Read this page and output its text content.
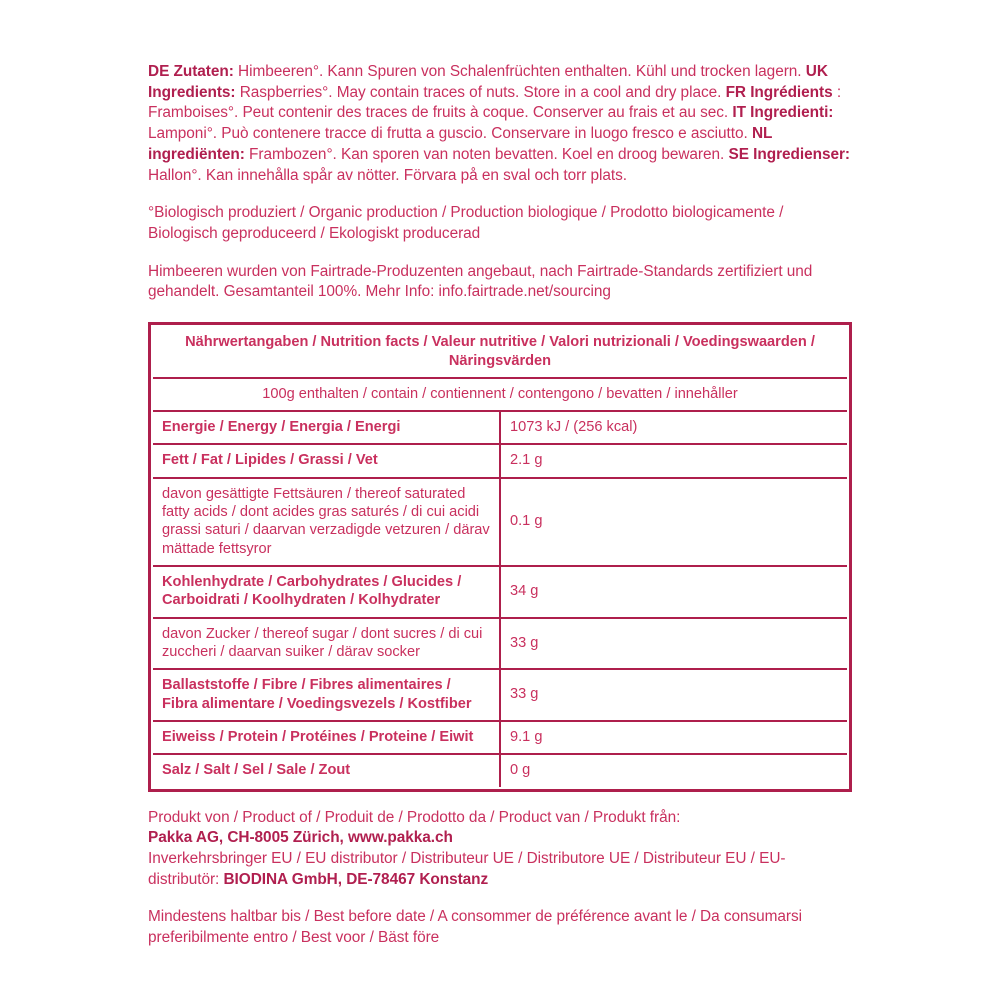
DE Zutaten: Himbeeren°. Kann Spuren von Schalenfrüchten enthalten. Kühl und trocken lagern. UK Ingredients: Raspberries°. May contain traces of nuts. Store in a cool and dry place. FR Ingrédients : Framboises°. Peut contenir des traces de fruits à coque. Conserver au frais et au sec. IT Ingredienti: Lamponi°. Può contenere tracce di frutta a guscio. Conservare in luogo fresco e asciutto. NL ingrediënten: Frambozen°. Kan sporen van noten bevatten. Koel en droog bewaren. SE Ingredienser: Hallon°. Kan innehålla spår av nötter. Förvara på en sval och torr plats.

°Biologisch produziert / Organic production / Production biologique / Prodotto biologicamente / Biologisch geproduceerd / Ekologiskt producerad

Himbeeren wurden von Fairtrade-Produzenten angebaut, nach Fairtrade-Standards zertifiziert und gehandelt. Gesamtanteil 100%. Mehr Info: info.fairtrade.net/sourcing

Nährwertangaben / Nutrition facts / Valeur nutritive / Valori nutrizionali / Voedingswaarden / Näringsvärden	
100g enthalten / contain / contiennent / contengono / bevatten / innehåller	
Energie / Energy / Energia / Energi	1073 kJ / (256 kcal)
Fett / Fat / Lipides / Grassi / Vet	2.1 g
davon gesättigte Fettsäuren / thereof saturated fatty acids / dont acides gras saturés / di cui acidi grassi saturi / daarvan verzadigde vetzuren / därav mättade fettsyror	0.1 g
Kohlenhydrate / Carbohydrates / Glucides / Carboidrati / Koolhydraten / Kolhydrater	34 g
davon Zucker / thereof sugar / dont sucres / di cui zuccheri / daarvan suiker / därav socker	33 g
Ballaststoffe / Fibre / Fibres alimentaires / Fibra alimentare / Voedingsvezels / Kostfiber	33 g
Eiweiss / Protein / Protéines / Proteine / Eiwit	9.1 g
Salz / Salt / Sel / Sale / Zout	0 g

Produkt von / Product of / Produit de / Prodotto da / Product van / Produkt från:
Pakka AG, CH-8005 Zürich, www.pakka.ch
Inverkehrsbringer EU / EU distributor / Distributeur UE / Distributore UE / Distributeur EU / EU-distributör: BIODINA GmbH, DE-78467 Konstanz

Mindestens haltbar bis / Best before date / A consommer de préférence avant le / Da consumarsi preferibilmente entro / Best voor / Bäst före
